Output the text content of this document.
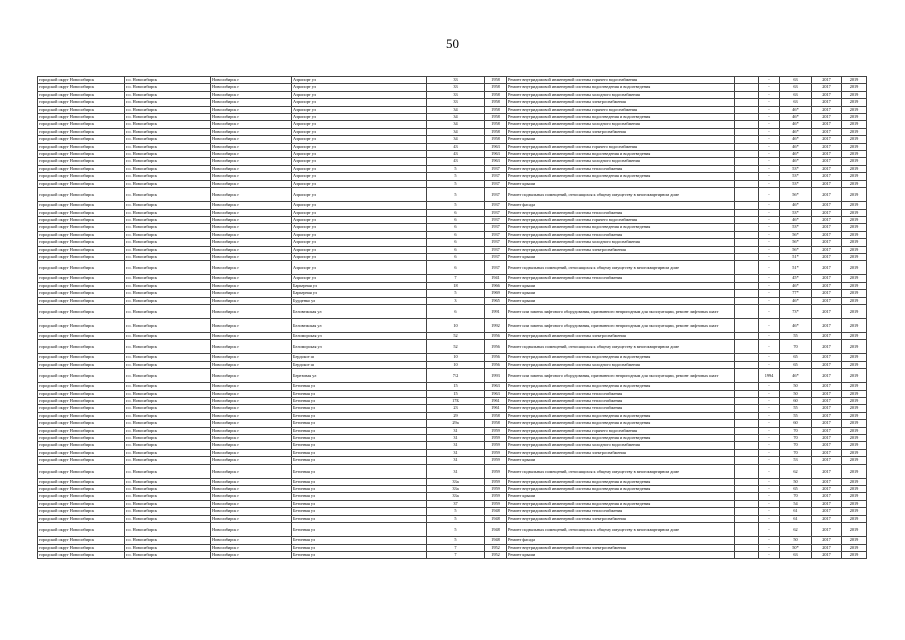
50
городской округ Новосибирск	г.о. Новосибирск	Новосибирск г	Аэропорт ул	33	1958	Ремонт внутридомовой инженерной системы горячего водоснабжения		-	63	2017	2019
городской округ Новосибирск	г.о. Новосибирск	Новосибирск г	Аэропорт ул	33	1958	Ремонт внутридомовой инженерной системы водоотведения и водоотведения		-	63	2017	2019
городской округ Новосибирск	г.о. Новосибирск	Новосибирск г	Аэропорт ул	33	1958	Ремонт внутридомовой инженерной системы холодного водоснабжения		-	63	2017	2019
городской округ Новосибирск	г.о. Новосибирск	Новосибирск г	Аэропорт ул	33	1958	Ремонт внутридомовой инженерной системы электроснабжения		-	63	2017	2019
городской округ Новосибирск	г.о. Новосибирск	Новосибирск г	Аэропорт ул	34	1958	Ремонт внутридомовой инженерной системы горячего водоснабжения		-	46*	2017	2019
городской округ Новосибирск	г.о. Новосибирск	Новосибирск г	Аэропорт ул	34	1958	Ремонт внутридомовой инженерной системы водоотведения и водоотведения		-	46*	2017	2019
городской округ Новосибирск	г.о. Новосибирск	Новосибирск г	Аэропорт ул	34	1958	Ремонт внутридомовой инженерной системы холодного водоснабжения		-	46*	2017	2019
городской округ Новосибирск	г.о. Новосибирск	Новосибирск г	Аэропорт ул	34	1958	Ремонт внутридомовой инженерной системы электроснабжения		-	46*	2017	2019
городской округ Новосибирск	г.о. Новосибирск	Новосибирск г	Аэропорт ул	34	1958	Ремонт крыши		-	46*	2017	2019
городской округ Новосибирск	г.о. Новосибирск	Новосибирск г	Аэропорт ул	43	1963	Ремонт внутридомовой инженерной системы горячего водоснабжения		-	46*	2017	2019
городской округ Новосибирск	г.о. Новосибирск	Новосибирск г	Аэропорт ул	43	1963	Ремонт внутридомовой инженерной системы водоотведения и водоотведения		-	46*	2017	2019
городской округ Новосибирск	г.о. Новосибирск	Новосибирск г	Аэропорт ул	43	1963	Ремонт внутридомовой инженерной системы холодного водоснабжения		-	46*	2017	2019
городской округ Новосибирск	г.о. Новосибирск	Новосибирск г	Аэропорт ул	5	1937	Ремонт внутридомовой инженерной системы теплоснабжения		-	53*	2017	2019
городской округ Новосибирск	г.о. Новосибирск	Новосибирск г	Аэропорт ул	5	1937	Ремонт внутридомовой инженерной системы водоотведения и водоотведения		-	53*	2017	2019
городской округ Новосибирск	г.о. Новосибирск	Новосибирск г	Аэропорт ул	5	1937	Ремонт крыши		-	53*	2017	2019
городской округ Новосибирск	г.о. Новосибирск	Новосибирск г	Аэропорт ул	5	1937	Ремонт подвальных помещений, относящихся к общему имуществу в многоквартирном доме		-	56*	2017	2019
городской округ Новосибирск	г.о. Новосибирск	Новосибирск г	Аэропорт ул	5	1937	Ремонт фасада		-	46*	2017	2019
городской округ Новосибирск	г.о. Новосибирск	Новосибирск г	Аэропорт ул	6	1937	Ремонт внутридомовой инженерной системы теплоснабжения		-	53*	2017	2019
городской округ Новосибирск	г.о. Новосибирск	Новосибирск г	Аэропорт ул	6	1937	Ремонт внутридомовой инженерной системы горячего водоснабжения		-	46*	2017	2019
городской округ Новосибирск	г.о. Новосибирск	Новосибирск г	Аэропорт ул	6	1937	Ремонт внутридомовой инженерной системы водоотведения и водоотведения		-	53*	2017	2019
городской округ Новосибирск	г.о. Новосибирск	Новосибирск г	Аэропорт ул	6	1937	Ремонт внутридомовой инженерной системы теплоснабжения		-	56*	2017	2019
городской округ Новосибирск	г.о. Новосибирск	Новосибирск г	Аэропорт ул	6	1937	Ремонт внутридомовой инженерной системы холодного водоснабжения		-	56*	2017	2019
городской округ Новосибирск	г.о. Новосибирск	Новосибирск г	Аэропорт ул	6	1937	Ремонт внутридомовой инженерной системы электроснабжения		-	56*	2017	2019
городской округ Новосибирск	г.о. Новосибирск	Новосибирск г	Аэропорт ул	6	1937	Ремонт крыши		-	51*	2017	2019
городской округ Новосибирск	г.о. Новосибирск	Новосибирск г	Аэропорт ул	6	1937	Ремонт подвальных помещений, относящихся к общему имуществу в многоквартирном доме		-	51*	2017	2019
городской округ Новосибирск	г.о. Новосибирск	Новосибирск г	Аэропорт ул	7	1941	Ремонт внутридомовой инженерной системы теплоснабжения		-	45*	2017	2019
городской округ Новосибирск	г.о. Новосибирск	Новосибирск г	Барьерная ул	18	1966	Ремонт крыши		-	46*	2017	2019
городской округ Новосибирск	г.о. Новосибирск	Новосибирск г	Барьерная ул	5	1969	Ремонт крыши		-	77*	2017	2019
городской округ Новосибирск	г.о. Новосибирск	Новосибирск г	Бурденко ул	3	1965	Ремонт крыши		-	46*	2017	2019
городской округ Новосибирск	г.о. Новосибирск	Новосибирск г	Беловежская ул	6	1991	Ремонт или замена лифтового оборудования, признанного непригодным для эксплуатации, ремонт лифтовых шахт		-	73*	2017	2019
городской округ Новосибирск	г.о. Новосибирск	Новосибирск г	Беловежская ул	10	1992	Ремонт или замена лифтового оборудования, признанного непригодным для эксплуатации, ремонт лифтовых шахт		-	46*	2017	2019
городской округ Новосибирск	г.о. Новосибирск	Новосибирск г	Беломорская ул	52	1956	Ремонт внутридомовой инженерной системы электроснабжения		-	55	2017	2019
городской округ Новосибирск	г.о. Новосибирск	Новосибирск г	Беломорская ул	52	1956	Ремонт подвальных помещений, относящихся к общему имуществу в многоквартирном доме		-	70	2017	2019
городской округ Новосибирск	г.о. Новосибирск	Новосибирск г	Бердское ш	10	1956	Ремонт внутридомовой инженерной системы водоотведения и водоотведения		-	65	2017	2019
городской округ Новосибирск	г.о. Новосибирск	Новосибирск г	Бердское ш	10	1956	Ремонт внутридомовой инженерной системы холодного водоснабжения		-	65	2017	2019
городской округ Новосибирск	г.о. Новосибирск	Новосибирск г	Березовая ул	7/2	1993	Ремонт или замена лифтового оборудования, признанного непригодным для эксплуатации, ремонт лифтовых шахт		1994	46*	2017	2019
городской округ Новосибирск	г.о. Новосибирск	Новосибирск г	Бетонная ул	15	1963	Ремонт внутридомовой инженерной системы водоотведения и водоотведения		-	50	2017	2019
городской округ Новосибирск	г.о. Новосибирск	Новосибирск г	Бетонная ул	15	1963	Ремонт внутридомовой инженерной системы теплоснабжения		-	50	2017	2019
городской округ Новосибирск	г.о. Новосибирск	Новосибирск г	Бетонная ул	17Б	1961	Ремонт внутридомовой инженерной системы теплоснабжения		-	60	2017	2019
городской округ Новосибирск	г.о. Новосибирск	Новосибирск г	Бетонная ул	23	1961	Ремонт внутридомовой инженерной системы теплоснабжения		-	55	2017	2019
городской округ Новосибирск	г.о. Новосибирск	Новосибирск г	Бетонная ул	29	1958	Ремонт внутридомовой инженерной системы водоотведения и водоотведения		-	55	2017	2019
городской округ Новосибирск	г.о. Новосибирск	Новосибирск г	Бетонная ул	29а	1958	Ремонт внутридомовой инженерной системы водоотведения и водоотведения		-	60	2017	2019
городской округ Новосибирск	г.о. Новосибирск	Новосибирск г	Бетонная ул	31	1959	Ремонт внутридомовой инженерной системы горячего водоснабжения		-	70	2017	2019
городской округ Новосибирск	г.о. Новосибирск	Новосибирск г	Бетонная ул	31	1959	Ремонт внутридомовой инженерной системы водоотведения и водоотведения		-	70	2017	2019
городской округ Новосибирск	г.о. Новосибирск	Новосибирск г	Бетонная ул	31	1959	Ремонт внутридомовой инженерной системы холодного водоснабжения		-	70	2017	2019
городской округ Новосибирск	г.о. Новосибирск	Новосибирск г	Бетонная ул	31	1959	Ремонт внутридомовой инженерной системы электроснабжения		-	70	2017	2019
городской округ Новосибирск	г.о. Новосибирск	Новосибирск г	Бетонная ул	31	1959	Ремонт крыши		-	53	2017	2019
городской округ Новосибирск	г.о. Новосибирск	Новосибирск г	Бетонная ул	31	1959	Ремонт подвальных помещений, относящихся к общему имуществу в многоквартирном доме		-	62	2017	2019
городской округ Новосибирск	г.о. Новосибирск	Новосибирск г	Бетонная ул	33а	1959	Ремонт внутридомовой инженерной системы водоотведения и водоотведения		-	50	2017	2019
городской округ Новосибирск	г.о. Новосибирск	Новосибирск г	Бетонная ул	33а	1959	Ремонт внутридомовой инженерной системы водоотведения и водоотведения		-	65	2017	2019
городской округ Новосибирск	г.о. Новосибирск	Новосибирск г	Бетонная ул	33а	1959	Ремонт крыши		-	70	2017	2019
городской округ Новосибирск	г.о. Новосибирск	Новосибирск г	Бетонная ул	37	1959	Ремонт внутридомовой инженерной системы водоотведения и водоотведения		-	54	2017	2019
городской округ Новосибирск	г.о. Новосибирск	Новосибирск г	Бетонная ул	5	1948	Ремонт внутридомовой инженерной системы теплоснабжения		-	61	2017	2019
городской округ Новосибирск	г.о. Новосибирск	Новосибирск г	Бетонная ул	5	1948	Ремонт внутридомовой инженерной системы электроснабжения		-	61	2017	2019
городской округ Новосибирск	г.о. Новосибирск	Новосибирск г	Бетонная ул	5	1948	Ремонт подвальных помещений, относящихся к общему имуществу в многоквартирном доме		-	62	2017	2019
городской округ Новосибирск	г.о. Новосибирск	Новосибирск г	Бетонная ул	5	1948	Ремонт фасада		-	50	2017	2019
городской округ Новосибирск	г.о. Новосибирск	Новосибирск г	Бетонная ул	7	1952	Ремонт внутридомовой инженерной системы электроснабжения		-	50*	2017	2019
городской округ Новосибирск	г.о. Новосибирск	Новосибирск г	Бетонная ул	7	1952	Ремонт крыши		-	63	2017	2019
